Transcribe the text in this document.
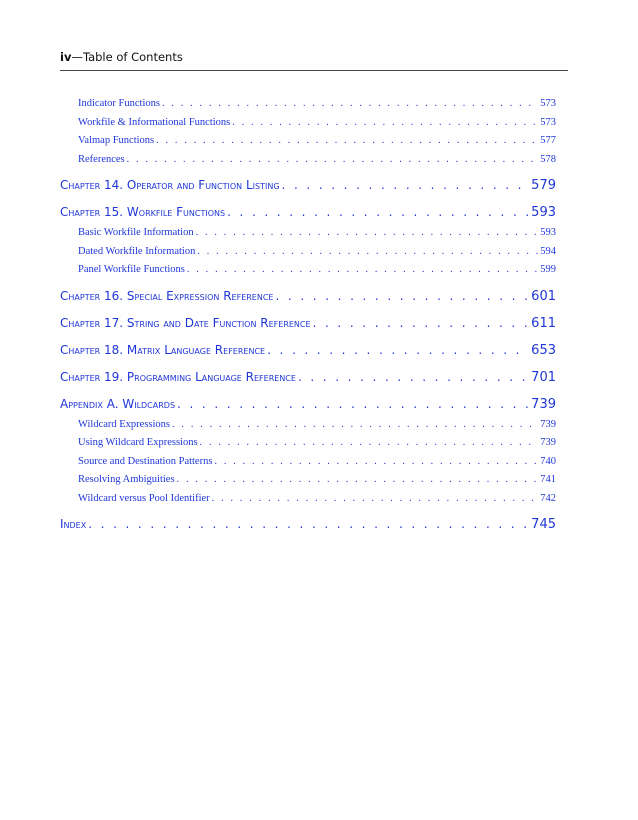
iv—Table of Contents
Indicator Functions . . .	573
Workfile & Informational Functions . . .	573
Valmap Functions . . .	577
References . . .	578
Chapter 14. Operator and Function Listing . . .	579
Chapter 15. Workfile Functions . . .	593
Basic Workfile Information . . .	593
Dated Workfile Information . . .	594
Panel Workfile Functions . . .	599
Chapter 16. Special Expression Reference . . .	601
Chapter 17. String and Date Function Reference . . .	611
Chapter 18. Matrix Language Reference . . .	653
Chapter 19. Programming Language Reference . . .	701
Appendix A. Wildcards . . .	739
Wildcard Expressions . . .	739
Using Wildcard Expressions . . .	739
Source and Destination Patterns . . .	740
Resolving Ambiguities . . .	741
Wildcard versus Pool Identifier . . .	742
Index . . .	745
